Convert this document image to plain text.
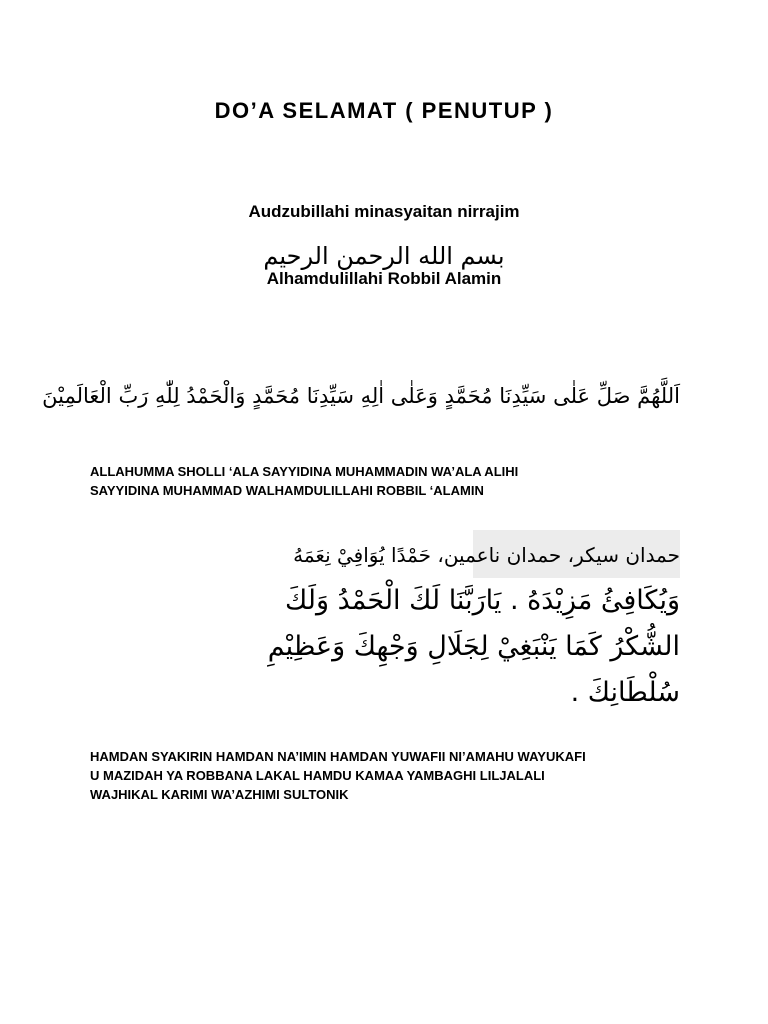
DO’A SELAMAT ( PENUTUP )
Audzubillahi minasyaitan nirrajim
بسم الله الرحمن الرحيم
Alhamdulillahi Robbil Alamin
اَللَّهُمَّ صَلِّ عَلٰى سَيِّدِنَا مُحَمَّدٍ وَعَلٰى اٰلِهِ سَيِّدِنَا مُحَمَّدٍ وَالْحَمْدُ لِلّٰهِ رَبِّ الْعَالَمِيْنَ
ALLAHUMMA SHOLLI ‘ALA SAYYIDINA MUHAMMADIN WA’ALA ALIHI
SAYYIDINA MUHAMMAD WALHAMDULILLAHI ROBBIL ‘ALAMIN
حمدان سيكر، حمدان ناعمين، حَمْدًا يُوَافِيْ نِعَمَهُ
وَيُكَافِئُ مَزِيْدَهُ . يَارَبَّنَا لَكَ الْحَمْدُ وَلَكَ
الشُّكْرُ كَمَا يَنْبَغِيْ لِجَلَالِ وَجْهِكَ وَعَظِيْمِ
سُلْطَانِكَ .
HAMDAN SYAKIRIN HAMDAN NA’IMIN HAMDAN YUWAFII NI’AMAHU WAYUKAFI
U MAZIDAH YA ROBBANA LAKAL HAMDU KAMAA YAMBAGHI LILJALALI
WAJHIKAL KARIMI WA’AZHIMI SULTONIK
